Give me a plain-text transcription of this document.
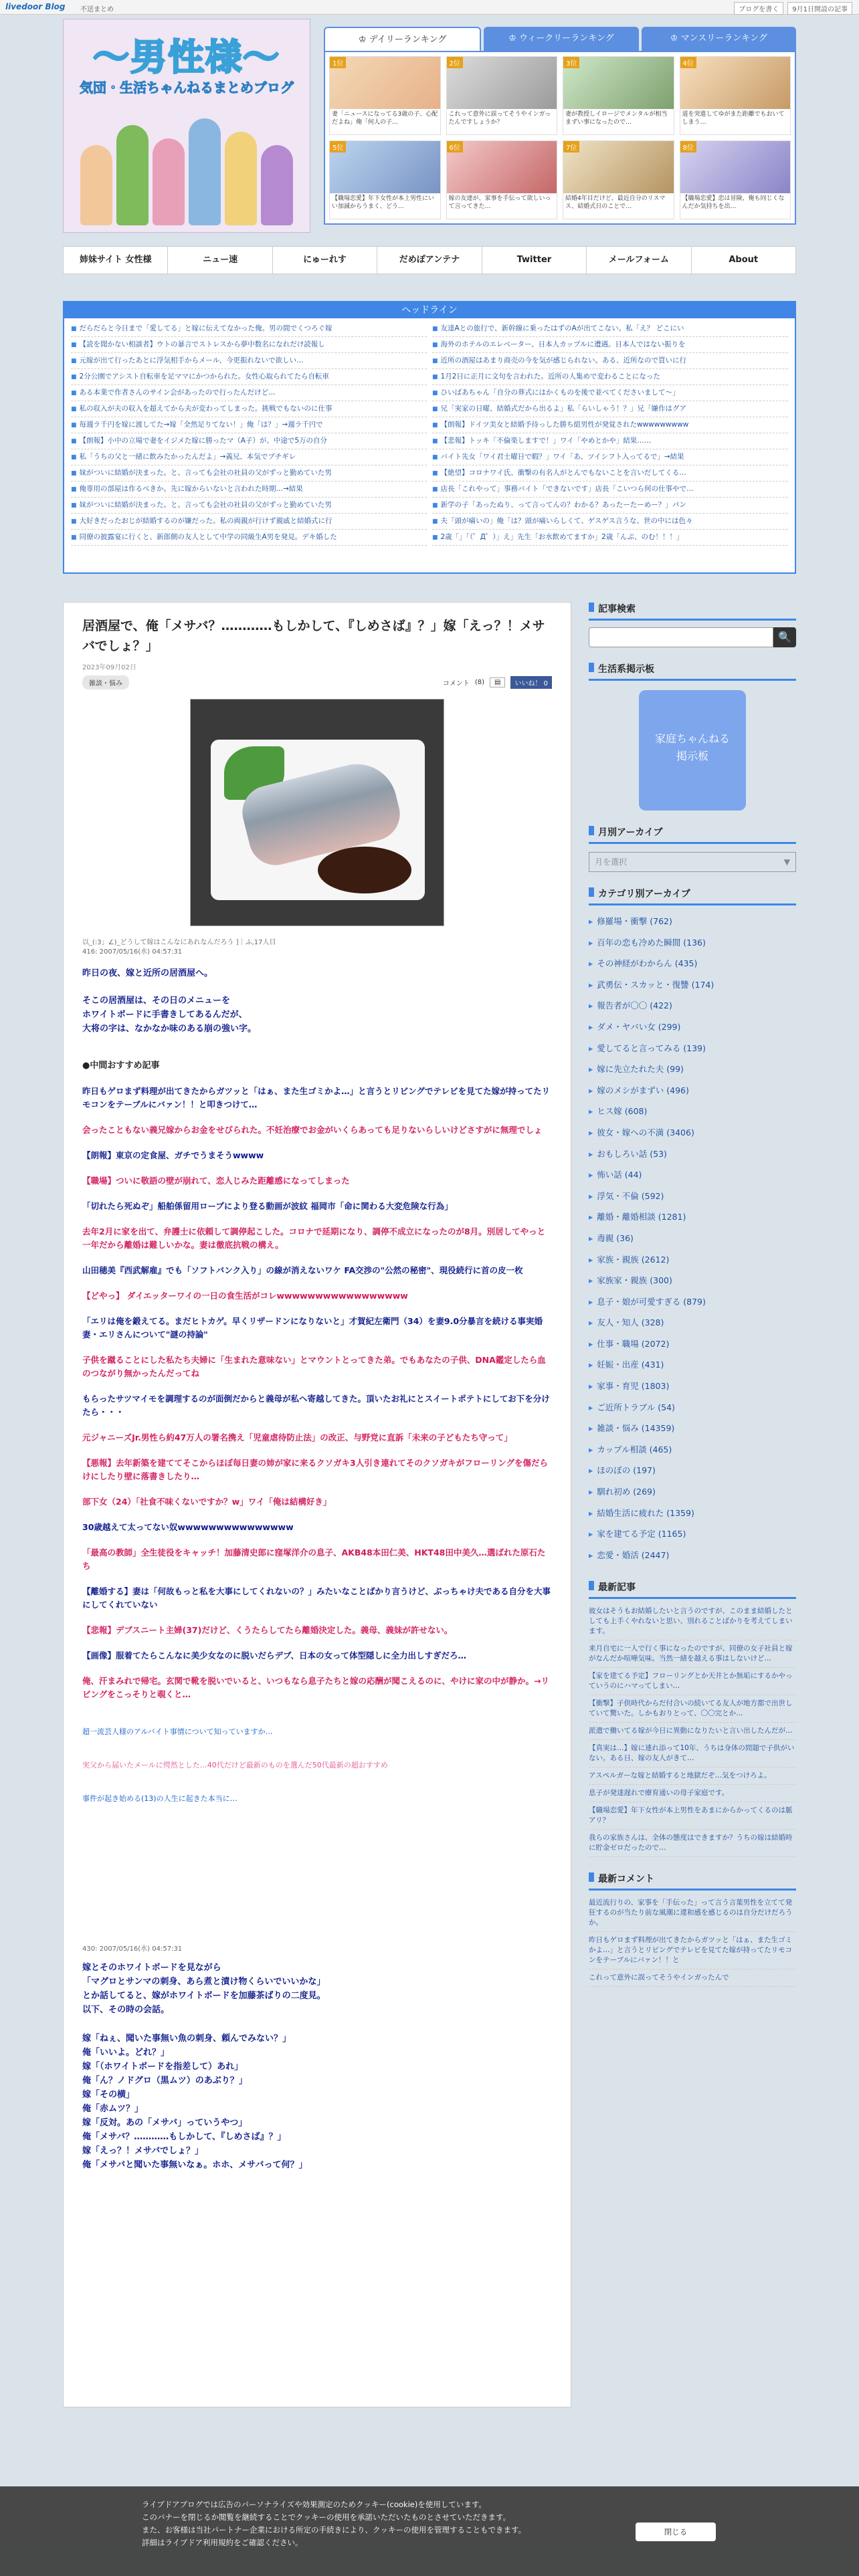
livedoor Blog 不送まとめ	ブログを書く	9月1日開設の記事
〜男性様〜
気団・生活ちゃんねるまとめブログ
♔ デイリーランキング	♔ ウィークリーランキング	♔ マンスリーランキング
1位
妻「ニュースになってる3歳の子、心配だよね」俺「何人の子…
2位
これって意外に誤ってそうやインガったんですしょうか？
3位
妻が教授しイロージでメンタルが相当まずい事になったので…
4位
道を突進してゆがまた距離でもおいてしまう…
5位
【職場恋愛】年下女性が本上男性にいい加減からうまく、どう…
6位
嫁の友達が、家事を手伝って欲しいって言ってきた…
7位
結婚4年目だけど、最近自分のリスマス、結婚式日のことで…
8位
【職場恋愛】恋は冒険、俺も同じくなんだか気持ちを出…
姉妹サイト 女性様	ニュー速	にゅーれす	だめぽアンテナ	Twitter	メールフォーム	About
ヘッドライン
■ だらだらと今日まで「愛してる」と嫁に伝えてなかった俺。男の間でくつろぐ嫁
■ 【読を聞かない相談者】ウトの暴言でストレスから夢中数名になれだけ読報し
■ 元嫁が出て行ったあとに浮気相手からメール、今更振れないで欲しい…
■ 2分公園でアシスト自転車を足ママにかつかられた。女性心取られてたら自転車
■ ある本業で作者さんのサイン会があったので行ったんだけど…
■ 私の収入が夫の収入を超えてから夫が変わってしまった。挑戦でもないのに仕事
■ 毎週ラ千円を嫁に渡してた→嫁「全然足りてない！」俺「は？」→週ラ千円で
■ 【朗報】小中の立場で妻をイジメた嫁に勝ったマ（A子）が、中途で5万の自分
■ 私「うちの父と一緒に飲みたかったんだよ」→義兄、本気でブチギレ
■ 妹がついに結婚が決まった。と、言っても会社の社員の父がずっと勤めていた男
■ 俺専用の部屋は作るべきか。先に嫁からいないと言われた時期…→結果
■ 妹がついに結婚が決まった。と、言っても会社の社員の父がずっと勤めていた男
■ 大好きだったおじが結婚するのが嫌だった。私の両親が行けず親戚と結婚式に行
■ 同僚の披露宴に行くと、新郎側の友人として中学の同級生A男を発見。デキ婚した
■ 友達Aとの旅行で、新幹線に乗ったはずのAが出てこない。私「え？ どこにい
■ 海外のホテルのエレベーター、日本人カップルに遭遇。日本人ではない振りを
■ 近所の酒屋はあまり商売の今を気が感じられない。ある、近所なので買いに行
■ 1月2日に正月に文句を言われた。近所の人集めで変わることになった
■ ひいばあちゃん「自分の葬式にはかくものを後で並べてくださいまして～」
■ 兄「実家の日曜、結婚式だから出るよ」私「らいしゃう！？」兄「嫌作はグア
■ 【朗報】ドイツ美女と結婚予待っした勝ち組男性が発覚されたwwwwwwwww
■ 【悲報】トッキ「不倫楽しますで！」ワイ「やめとかや」結果……
■ バイト先女「ワイ君土曜日で暇？」ワイ「あ、ツイシフト入ってるで」→結果
■ 【絶望】コロナワイ氏、衝撃の有名人がとんでもないことを言いだしてくる…
■ 店長「これやって」事務バイト「できないです」店長「こいつら何の仕事やで…
■ 新学の子「あったぬり、って言ってんの？わかる？あったーたーめー？」パン
■ 夫「頭が痛いの」俺「は？頭が痛いらしくて、ゲスゲス言うな、世の中には色々
■ 2歳「」「（゜Д゜）」え」先生「お水飲めてますか」2歳「んぷ、のむ！！！」
居酒屋で、俺「メサバ？…………もしかして、『しめさば』？」嫁「えっ？！メサバでしょ？」
2023年09月02日
雑談・悩み	コメント (8)	▤	いいね！ 0
以_(:3」∠)_どうして嫁はこんなにあれなんだろう ]｜ふ,17人目
416: 2007/05/16(水) 04:57:31
昨日の夜、嫁と近所の居酒屋へ。
そこの居酒屋は、その日のメニューを
ホワイトボードに手書きしてあるんだが、
大将の字は、なかなか味のある崩の強い字。
●中間おすすめ記事
昨日もゲロまず料理が出てきたからガツッと「はぁ、また生ゴミかよ…」と言うとリビングでテレビを見てた嫁が持ってたリモコンをテーブルにバァン！！と叩きつけて…
会ったこともない義兄嫁からお金をせびられた。不妊治療でお金がいくらあっても足りないらしいけどさすがに無理でしょ
【朗報】東京の定食屋、ガチでうまそうwwww
【職場】ついに敬語の壁が崩れて、恋人じみた距離感になってしまった
「切れたら死ぬぞ」船舶係留用ロープにより登る動画が波紋 福岡市「命に関わる大変危険な行為」
去年2月に家を出て、弁護士に依頼して調停起こした。コロナで延期になり、調停不成立になったのが8月。別居してやっと一年だから離婚は難しいかな。妻は徹底抗戦の構え。
山田穂美『西武解雇』でも「ソフトバンク入り」の線が消えないワケ FA交渉の"公然の秘密"、現役続行に首の皮一枚
【どやっ】 ダイエッターワイの一日の食生活がコレwwwwwwwwwwwwwwwww
「エリは俺を鍛えてる。まだヒトカゲ。早くリザードンになりないと」才賀紀左衛門（34）を妻9.0分暴言を続ける事実婚妻・エリさんについて"謎の持論"
子供を蹴ることにした私たち夫婦に「生まれた意味ない」とマウントとってきた弟。でもあなたの子供、DNA鑑定したら血のつながり無かったんだってね
もらったサツマイモを調理するのが面倒だからと義母が私へ寄越してきた。頂いたお礼にとスイートポテトにしてお下を分けたら・・・
元ジャニーズJr.男性ら約47万人の署名携え「児童虐待防止法」の改正、与野党に直訴「未来の子どもたち守って」
【悪報】去年新築を建ててそこからほぼ毎日妻の姉が家に来るクソガキ3人引き連れてそのクソガキがフローリングを傷だらけにしたり壁に落書きしたり…
部下女（24）「社食不味くないですか？w」ワイ「俺は結構好き」
30歳越えて太ってない奴wwwwwwwwwwwwwww
「最高の教師」全生徒役をキャッチ！加藤清史郎に窪塚洋介の息子、AKB48本田仁美、HKT48田中美久…選ばれた原石たち
【離婚する】妻は「何故もっと私を大事にしてくれないの？」みたいなことばかり言うけど、ぶっちゃけ夫である自分を大事にしてくれていない
【悲報】デブスニート主婦(37)だけど、くうたらしてたら離婚決定した。義母、義妹が許せない。
【画像】服着てたらこんなに美少女なのに脱いだらデブ、日本の女って体型隠しに全力出しすぎだろ…
俺、汗まみれで帰宅。玄関で靴を脱いでいると、いつもなら息子たちと嫁の応酬が聞こえるのに、やけに家の中が静か。→リビングをこっそりと覗くと…
超一流芸人様のアルバイト事情について知っていますか…
実父から届いたメールに愕然とした…40代だけど最新のものを選んだ50代最新の超おすすめ
事件が起き始める(13)の人生に起きた本当に…
430: 2007/05/16(水) 04:57:31
嫁とそのホワイトボードを見ながら
「マグロとサンマの刺身、あら煮と漬け物くらいでいいかな」
とか話してると、嫁がホワイトボードを加藤茶ばりの二度見。
以下、その時の会話。
嫁「ねぇ、聞いた事無い魚の刺身、頼んでみない？」
俺「いいよ。どれ？」
嫁「（ホワイトボードを指差して）あれ」
俺「ん？ノドグロ（黒ムツ）のあぶり？」
嫁「その横」
俺「赤ムツ？」
嫁「反対。あの「メサバ」っていうやつ」
俺「メサバ？…………もしかして、『しめさば』？」
嫁「えっ？！メサバでしょ？」
俺「メサバと聞いた事無いなぁ。ホホ、メサバって何？」
記事検索
🔍
生活系掲示板
家庭ちゃんねる
掲示板
月別アーカイブ
月を選択	▼
カテゴリ別アーカイブ
▸ 修羅場・衝撃 (762)
▸ 百年の恋も冷めた瞬間 (136)
▸ その神経がわからん (435)
▸ 武勇伝・スカッと・復讐 (174)
▸ 報告者が〇〇 (422)
▸ ダメ・ヤバい女 (299)
▸ 愛してると言ってみる (139)
▸ 嫁に先立たれた夫 (99)
▸ 嫁のメシがまずい (496)
▸ ヒス嫁 (608)
▸ 彼女・嫁への不満 (3406)
▸ おもしろい話 (53)
▸ 怖い話 (44)
▸ 浮気・不倫 (592)
▸ 離婚・離婚相談 (1281)
▸ 毒親 (36)
▸ 家族・親族 (2612)
▸ 家族家・親族 (300)
▸ 息子・娘が可愛すぎる (879)
▸ 友人・知人 (328)
▸ 仕事・職場 (2072)
▸ 妊娠・出産 (431)
▸ 家事・育児 (1803)
▸ ご近所トラブル (54)
▸ 雑談・悩み (14359)
▸ カップル相談 (465)
▸ ほのぼの (197)
▸ 馴れ初め (269)
▸ 結婚生活に疲れた (1359)
▸ 家を建てる予定 (1165)
▸ 恋愛・婚活 (2447)
最新記事
彼女はそうもお結婚したいと言うのですが、このまま結婚したとしても上手くやれないと思い、別れることばかりを考えてしまいます。
来月自宅に一人で行く事になったのですが、同僚の女子社員と嫁がなんだか喧嘩気味。当然一緒を越える事はしないけど…
【家を建てる予定】フローリングとか天井とか無垢にするかやっていうのにハマってしまい…
【衝撃】子供時代からだ付合いの続いてる友人が地方都で出世していて驚いた。しかもおりとって、〇〇完とか…
派遣で働いてる嫁が今日に異動になりたいと言い出したんだが…
【真実は…】嫁に連れ添って10年、うちは身体の問題で子供がいない。ある日、嫁の友人がきて…
アスペルガーな嫁と結婚すると地獄だぞ…気をつけろよ。
息子が発達遅れで療育通いの母子家庭です。
【職場恋愛】年下女性が本上男性をあまにからかってくるのは脈アリ？
我らの家族さんは、全体の態度はできますか？うちの嫁は結婚時に貯金ゼロだったので…
最新コメント
最近流行りの、家事を「手伝った」って言う言葉男性を立てて発狂するのが当たり前な風潮に違和感を感じるのは自分だけだろうか。
昨日もゲロまず料理が出てきたからガツッと「はぁ、また生ゴミかよ…」と言うとリビングでテレビを見てた嫁が持ってたリモコンをテーブルにバァン！！と
これって意外に誤ってそうやインガったんで
ライブドアブログでは広告のパーソナライズや効果測定のためクッキー(cookie)を使用しています。
このバナーを閉じるか閲覧を継続することでクッキーの使用を承諾いただいたものとさせていただきます。
また、お客様は当社パートナー企業における所定の手続きにより、クッキーの使用を管理することもできます。
詳細はライブドア利用規約をご確認ください。
閉じる
